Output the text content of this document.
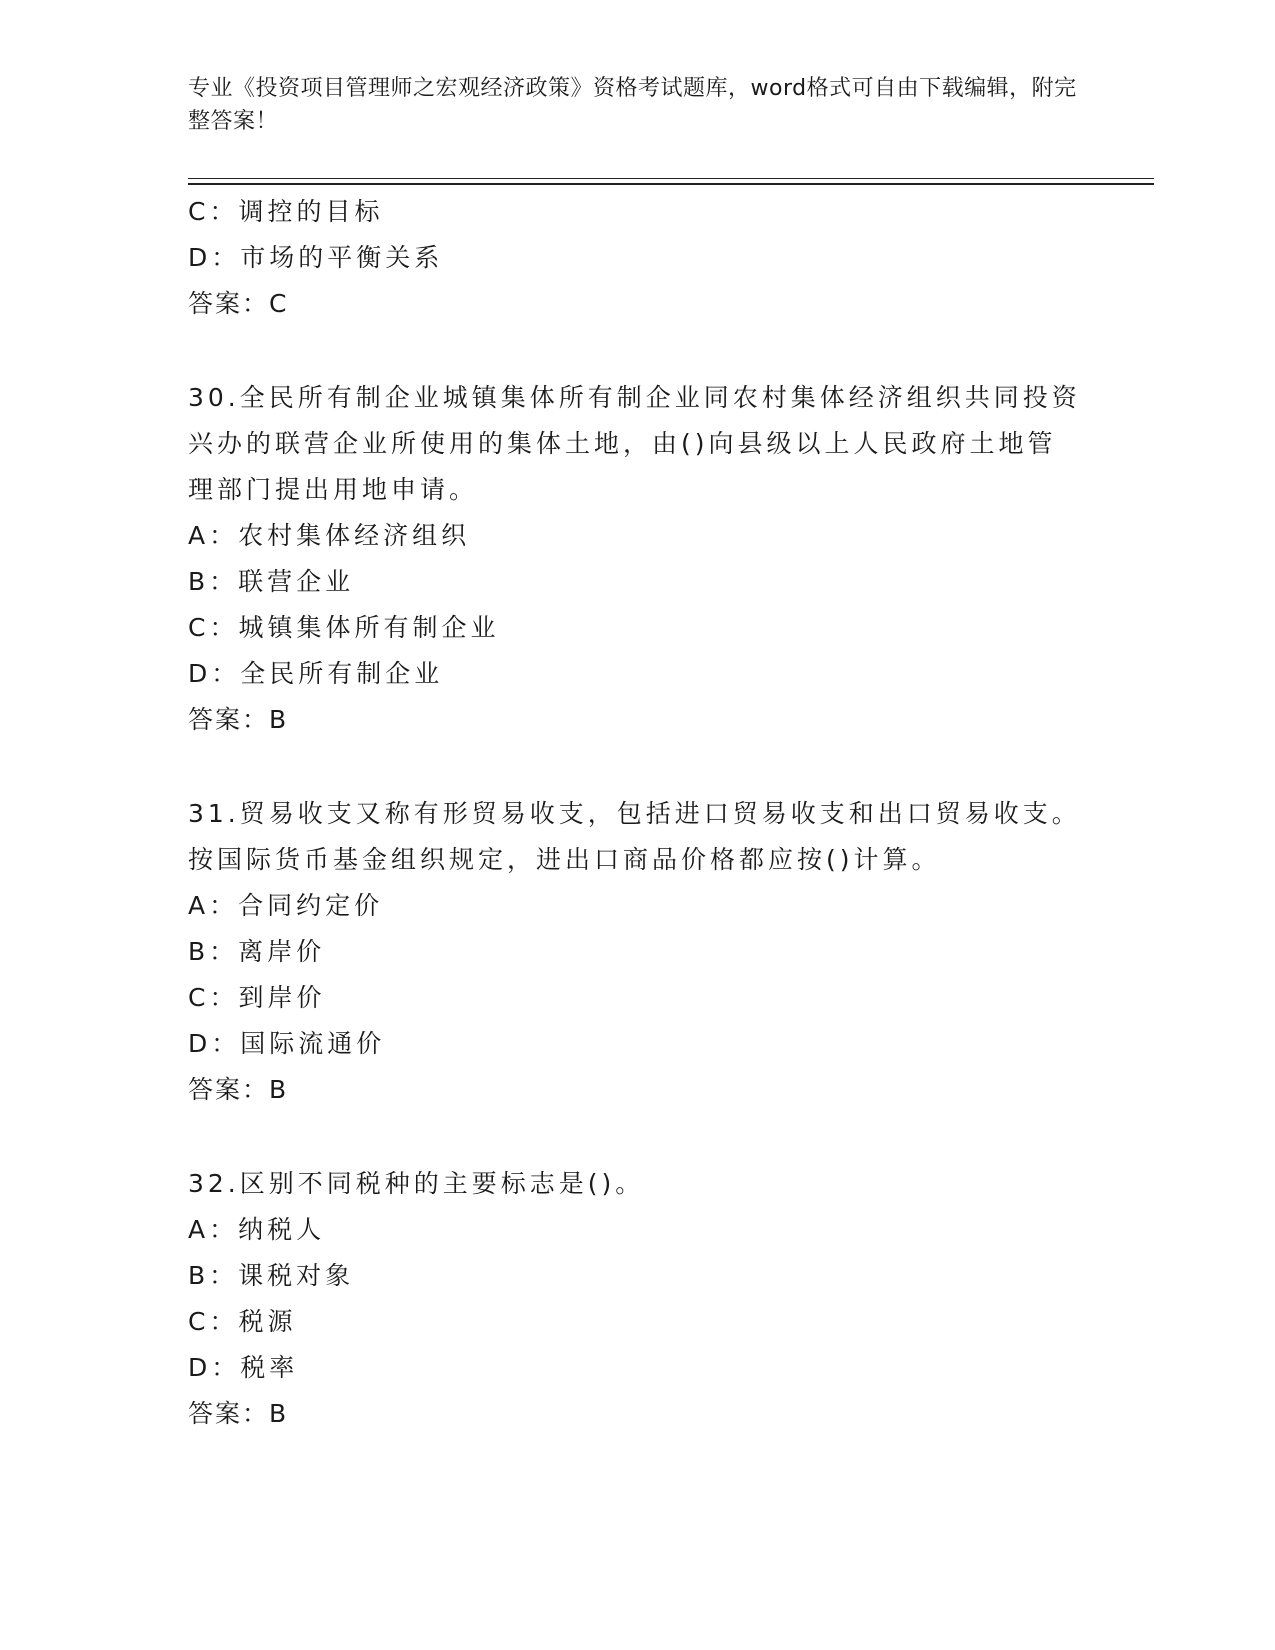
专业《投资项目管理师之宏观经济政策》资格考试题库，word格式可自由下载编辑，附完整答案！
C：调控的目标
D：市场的平衡关系
答案：C
30.全民所有制企业城镇集体所有制企业同农村集体经济组织共同投资
兴办的联营企业所使用的集体土地，由()向县级以上人民政府土地管
理部门提出用地申请。
A：农村集体经济组织
B：联营企业
C：城镇集体所有制企业
D：全民所有制企业
答案：B
31.贸易收支又称有形贸易收支，包括进口贸易收支和出口贸易收支。
按国际货币基金组织规定，进出口商品价格都应按()计算。
A：合同约定价
B：离岸价
C：到岸价
D：国际流通价
答案：B
32.区别不同税种的主要标志是()。
A：纳税人
B：课税对象
C：税源
D：税率
答案：B
